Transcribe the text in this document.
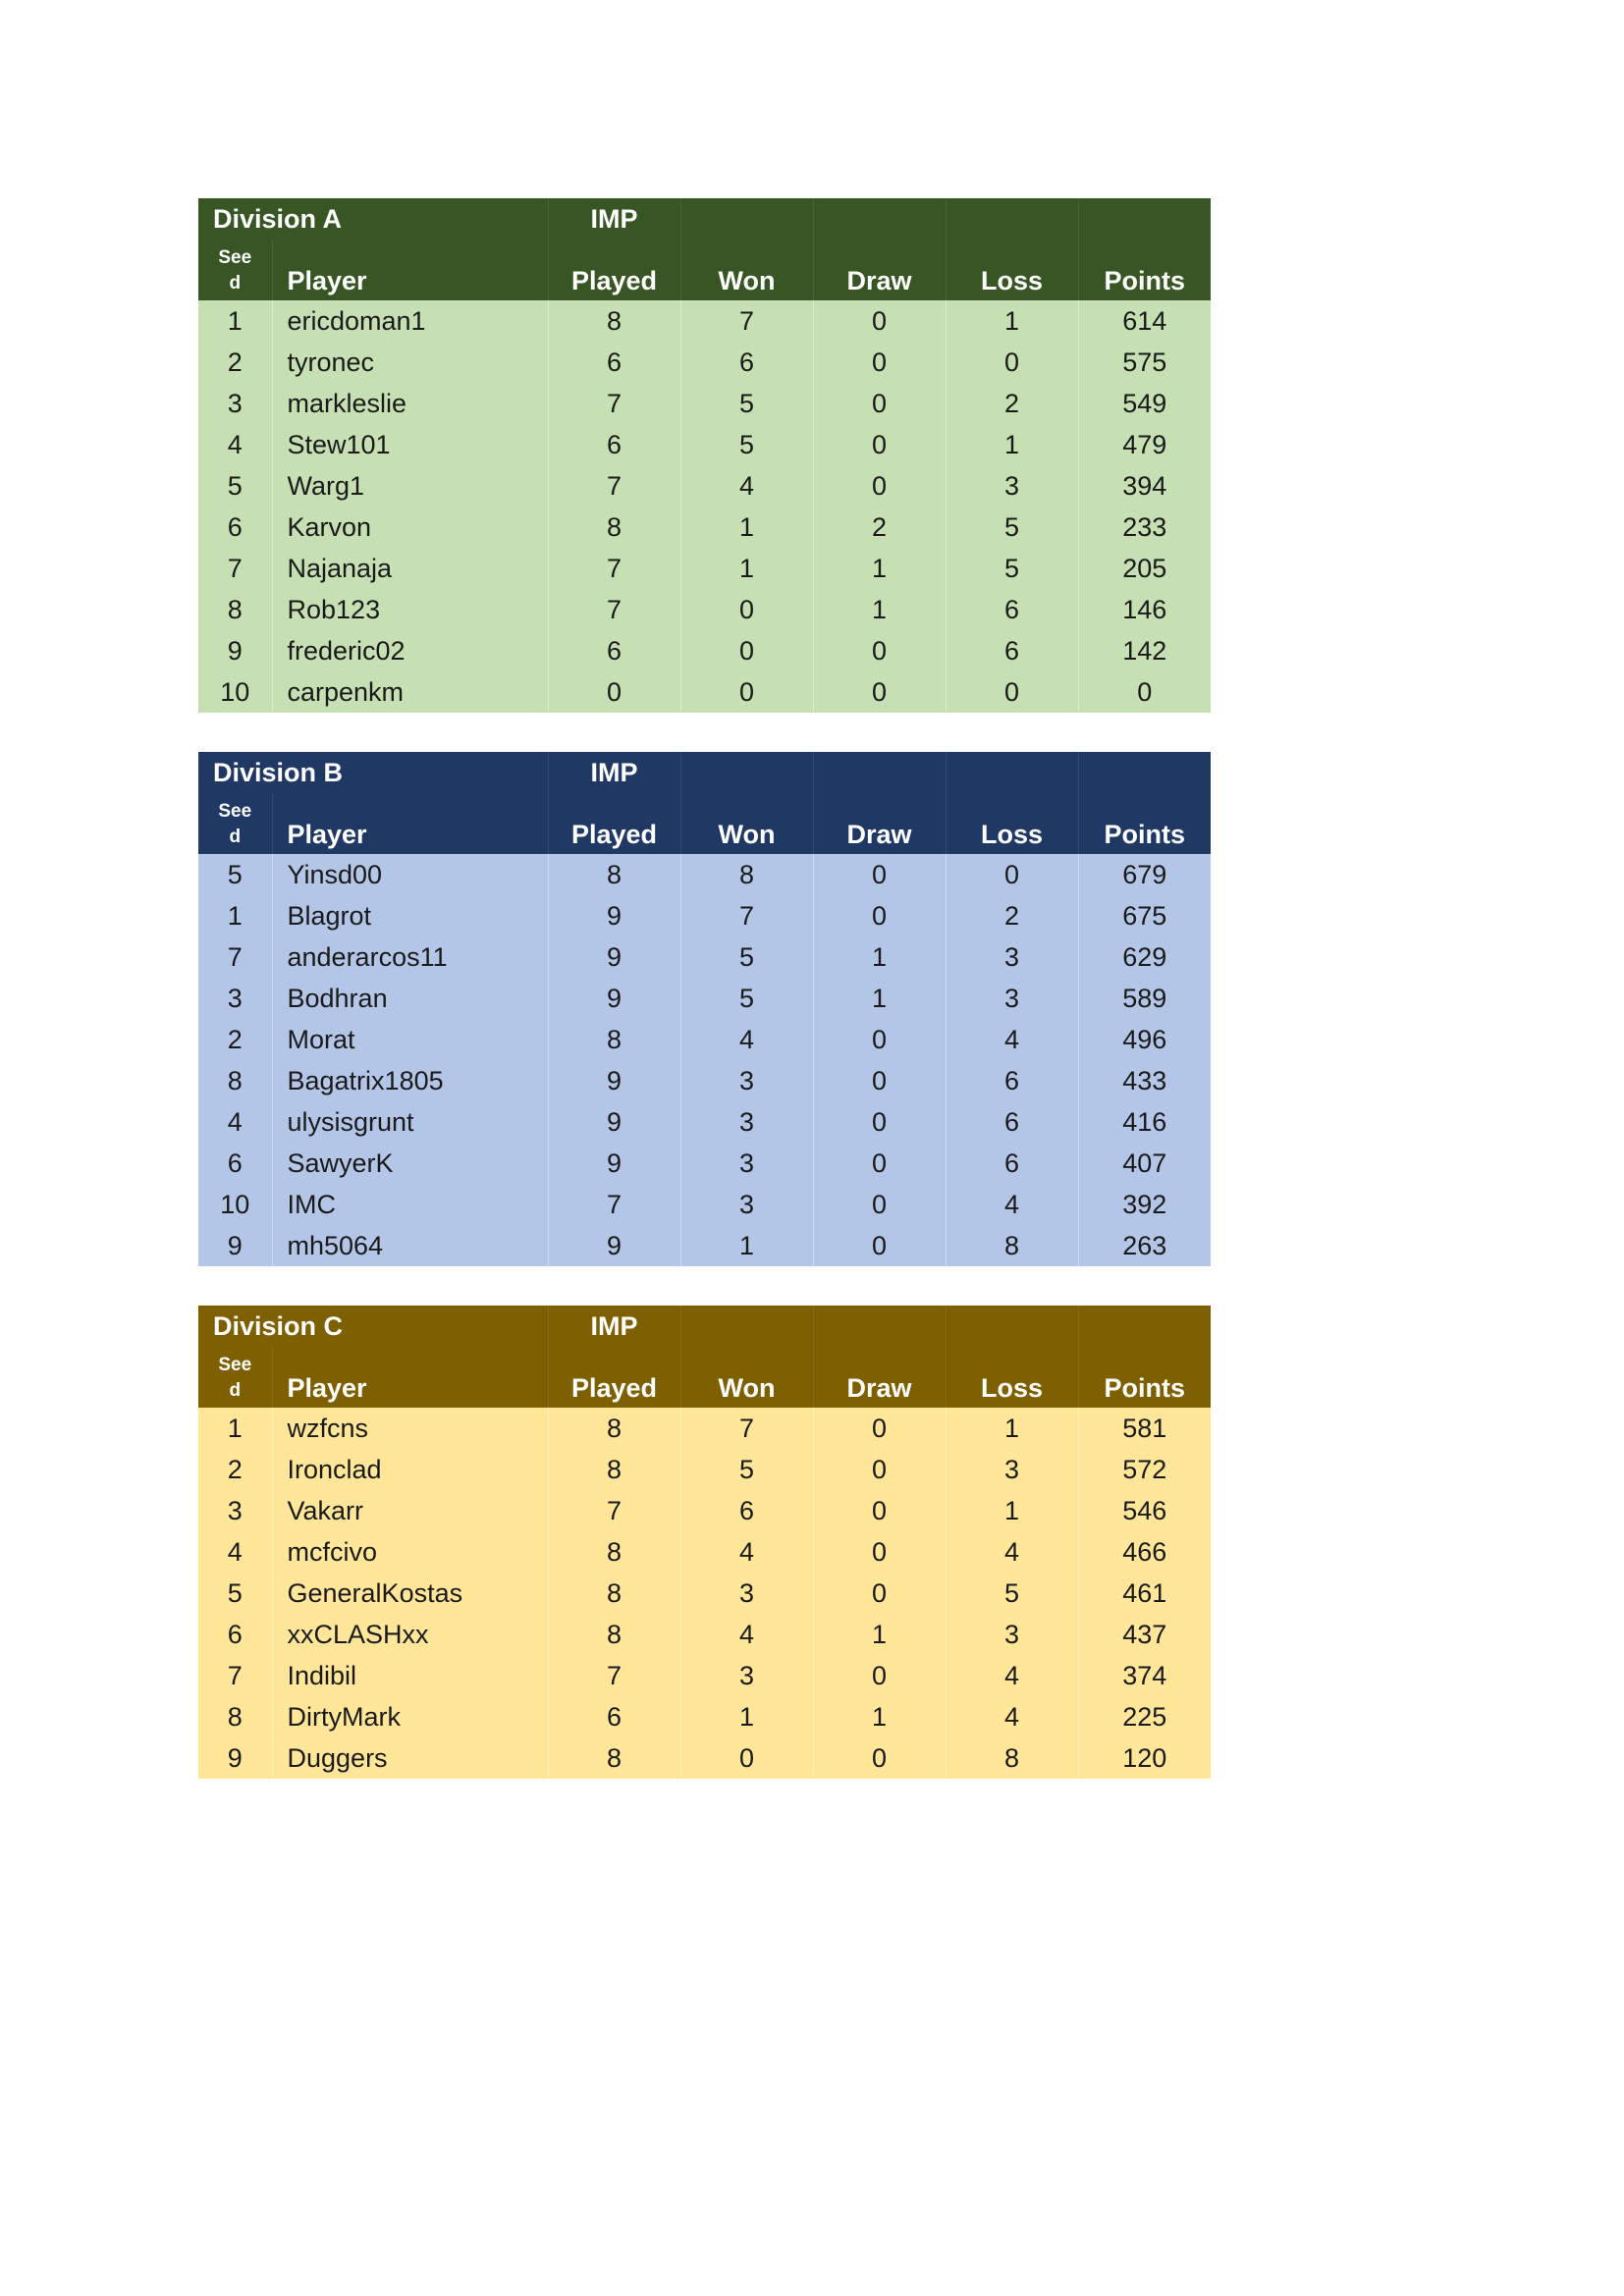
Division A		IMP				
See
d	Player	Played	Won	Draw	Loss	Points
1	ericdoman1	8	7	0	1	614
2	tyronec	6	6	0	0	575
3	markleslie	7	5	0	2	549
4	Stew101	6	5	0	1	479
5	Warg1	7	4	0	3	394
6	Karvon	8	1	2	5	233
7	Najanaja	7	1	1	5	205
8	Rob123	7	0	1	6	146
9	frederic02	6	0	0	6	142
10	carpenkm	0	0	0	0	0
Division B		IMP				
See
d	Player	Played	Won	Draw	Loss	Points
5	Yinsd00	8	8	0	0	679
1	Blagrot	9	7	0	2	675
7	anderarcos11	9	5	1	3	629
3	Bodhran	9	5	1	3	589
2	Morat	8	4	0	4	496
8	Bagatrix1805	9	3	0	6	433
4	ulysisgrunt	9	3	0	6	416
6	SawyerK	9	3	0	6	407
10	IMC	7	3	0	4	392
9	mh5064	9	1	0	8	263
Division C		IMP				
See
d	Player	Played	Won	Draw	Loss	Points
1	wzfcns	8	7	0	1	581
2	Ironclad	8	5	0	3	572
3	Vakarr	7	6	0	1	546
4	mcfcivo	8	4	0	4	466
5	GeneralKostas	8	3	0	5	461
6	xxCLASHxx	8	4	1	3	437
7	Indibil	7	3	0	4	374
8	DirtyMark	6	1	1	4	225
9	Duggers	8	0	0	8	120
